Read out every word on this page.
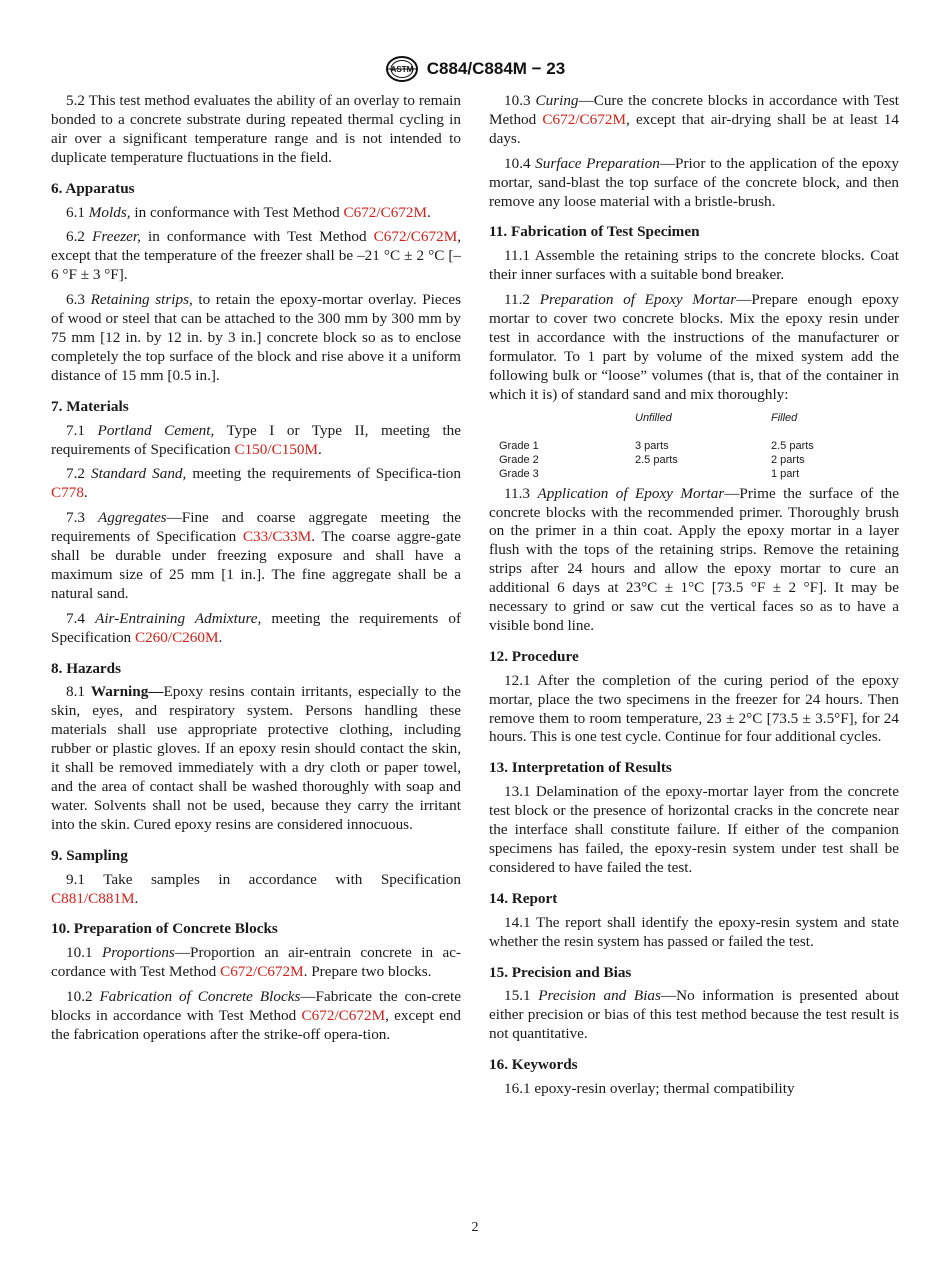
ASTM C884/C884M − 23

5.2 This test method evaluates the ability of an overlay to remain bonded to a concrete substrate during repeated thermal cycling in air over a significant temperature range and is not intended to duplicate temperature fluctuations in the field.

6. Apparatus

6.1 Molds, in conformance with Test Method C672/C672M.

6.2 Freezer, in conformance with Test Method C672/C672M, except that the temperature of the freezer shall be –21 °C ± 2 °C [–6 °F ± 3 °F].

6.3 Retaining strips, to retain the epoxy-mortar overlay. Pieces of wood or steel that can be attached to the 300 mm by 300 mm by 75 mm [12 in. by 12 in. by 3 in.] concrete block so as to enclose completely the top surface of the block and rise above it a uniform distance of 15 mm [0.5 in.].

7. Materials

7.1 Portland Cement, Type I or Type II, meeting the requirements of Specification C150/C150M.

7.2 Standard Sand, meeting the requirements of Specifica-tion C778.

7.3 Aggregates—Fine and coarse aggregate meeting the requirements of Specification C33/C33M. The coarse aggre-gate shall be durable under freezing exposure and shall have a maximum size of 25 mm [1 in.]. The fine aggregate shall be a natural sand.

7.4 Air-Entraining Admixture, meeting the requirements of Specification C260/C260M.

8. Hazards

8.1 Warning—Epoxy resins contain irritants, especially to the skin, eyes, and respiratory system. Persons handling these materials shall use appropriate protective clothing, including rubber or plastic gloves. If an epoxy resin should contact the skin, it shall be removed immediately with a dry cloth or paper towel, and the area of contact shall be washed thoroughly with soap and water. Solvents shall not be used, because they carry the irritant into the skin. Cured epoxy resins are considered innocuous.

9. Sampling

9.1 Take samples in accordance with Specification C881/C881M.

10. Preparation of Concrete Blocks

10.1 Proportions—Proportion an air-entrain concrete in ac-cordance with Test Method C672/C672M. Prepare two blocks.

10.2 Fabrication of Concrete Blocks—Fabricate the con-crete blocks in accordance with Test Method C672/C672M, except end the fabrication operations after the strike-off opera-tion.

10.3 Curing—Cure the concrete blocks in accordance with Test Method C672/C672M, except that air-drying shall be at least 14 days.

10.4 Surface Preparation—Prior to the application of the epoxy mortar, sand-blast the top surface of the concrete block, and then remove any loose material with a bristle-brush.

11. Fabrication of Test Specimen

11.1 Assemble the retaining strips to the concrete blocks. Coat their inner surfaces with a suitable bond breaker.

11.2 Preparation of Epoxy Mortar—Prepare enough epoxy mortar to cover two concrete blocks. Mix the epoxy resin under test in accordance with the instructions of the manufacturer or formulator. To 1 part by volume of the mixed system add the following bulk or “loose” volumes (that is, that of the container in which it is) of standard sand and mix thoroughly:

	Unfilled	Filled
Grade 1	3 parts	2.5 parts
Grade 2	2.5 parts	2 parts
Grade 3		1 part

11.3 Application of Epoxy Mortar—Prime the surface of the concrete blocks with the recommended primer. Thoroughly brush on the primer in a thin coat. Apply the epoxy mortar in a layer flush with the tops of the retaining strips. Remove the retaining strips after 24 hours and allow the epoxy mortar to cure an additional 6 days at 23°C ± 1°C [73.5 °F ± 2 °F]. It may be necessary to grind or saw cut the vertical faces so as to have a visible bond line.

12. Procedure

12.1 After the completion of the curing period of the epoxy mortar, place the two specimens in the freezer for 24 hours. Then remove them to room temperature, 23 ± 2°C [73.5 ± 3.5°F], for 24 hours. This is one test cycle. Continue for four additional cycles.

13. Interpretation of Results

13.1 Delamination of the epoxy-mortar layer from the concrete test block or the presence of horizontal cracks in the concrete near the interface shall constitute failure. If either of the companion specimens has failed, the epoxy-resin system under test shall be considered to have failed the test.

14. Report

14.1 The report shall identify the epoxy-resin system and state whether the resin system has passed or failed the test.

15. Precision and Bias

15.1 Precision and Bias—No information is presented about either precision or bias of this test method because the test result is not quantitative.

16. Keywords

16.1 epoxy-resin overlay; thermal compatibility

2
